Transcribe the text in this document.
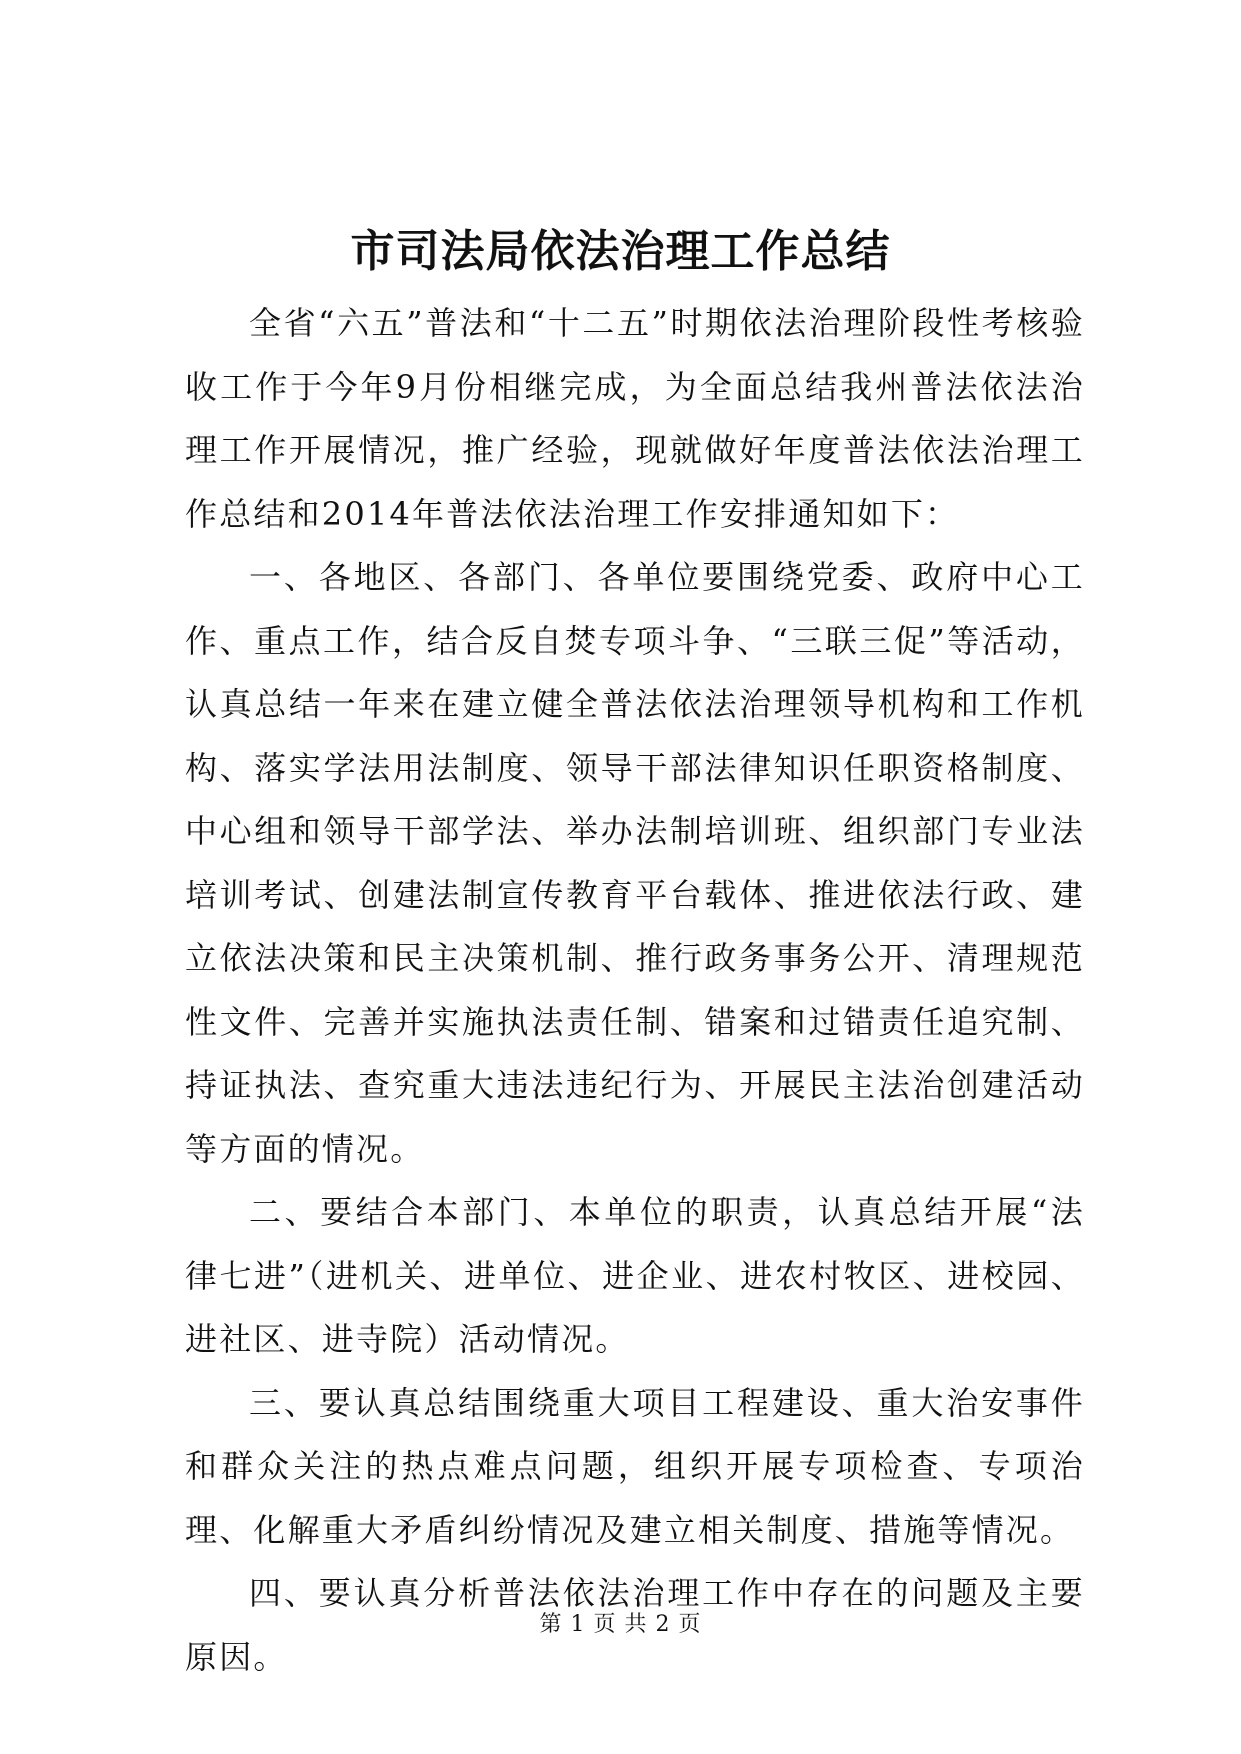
市司法局依法治理工作总结

全省“六五”普法和“十二五”时期依法治理阶段性考核验收工作于今年9月份相继完成，为全面总结我州普法依法治理工作开展情况，推广经验，现就做好年度普法依法治理工作总结和2014年普法依法治理工作安排通知如下：

一、各地区、各部门、各单位要围绕党委、政府中心工作、重点工作，结合反自焚专项斗争、“三联三促”等活动，认真总结一年来在建立健全普法依法治理领导机构和工作机构、落实学法用法制度、领导干部法律知识任职资格制度、中心组和领导干部学法、举办法制培训班、组织部门专业法培训考试、创建法制宣传教育平台载体、推进依法行政、建立依法决策和民主决策机制、推行政务事务公开、清理规范性文件、完善并实施执法责任制、错案和过错责任追究制、持证执法、查究重大违法违纪行为、开展民主法治创建活动等方面的情况。

二、要结合本部门、本单位的职责，认真总结开展“法律七进”（进机关、进单位、进企业、进农村牧区、进校园、进社区、进寺院）活动情况。

三、要认真总结围绕重大项目工程建设、重大治安事件和群众关注的热点难点问题，组织开展专项检查、专项治理、化解重大矛盾纠纷情况及建立相关制度、措施等情况。

四、要认真分析普法依法治理工作中存在的问题及主要原因。

第 1 页 共 2 页
